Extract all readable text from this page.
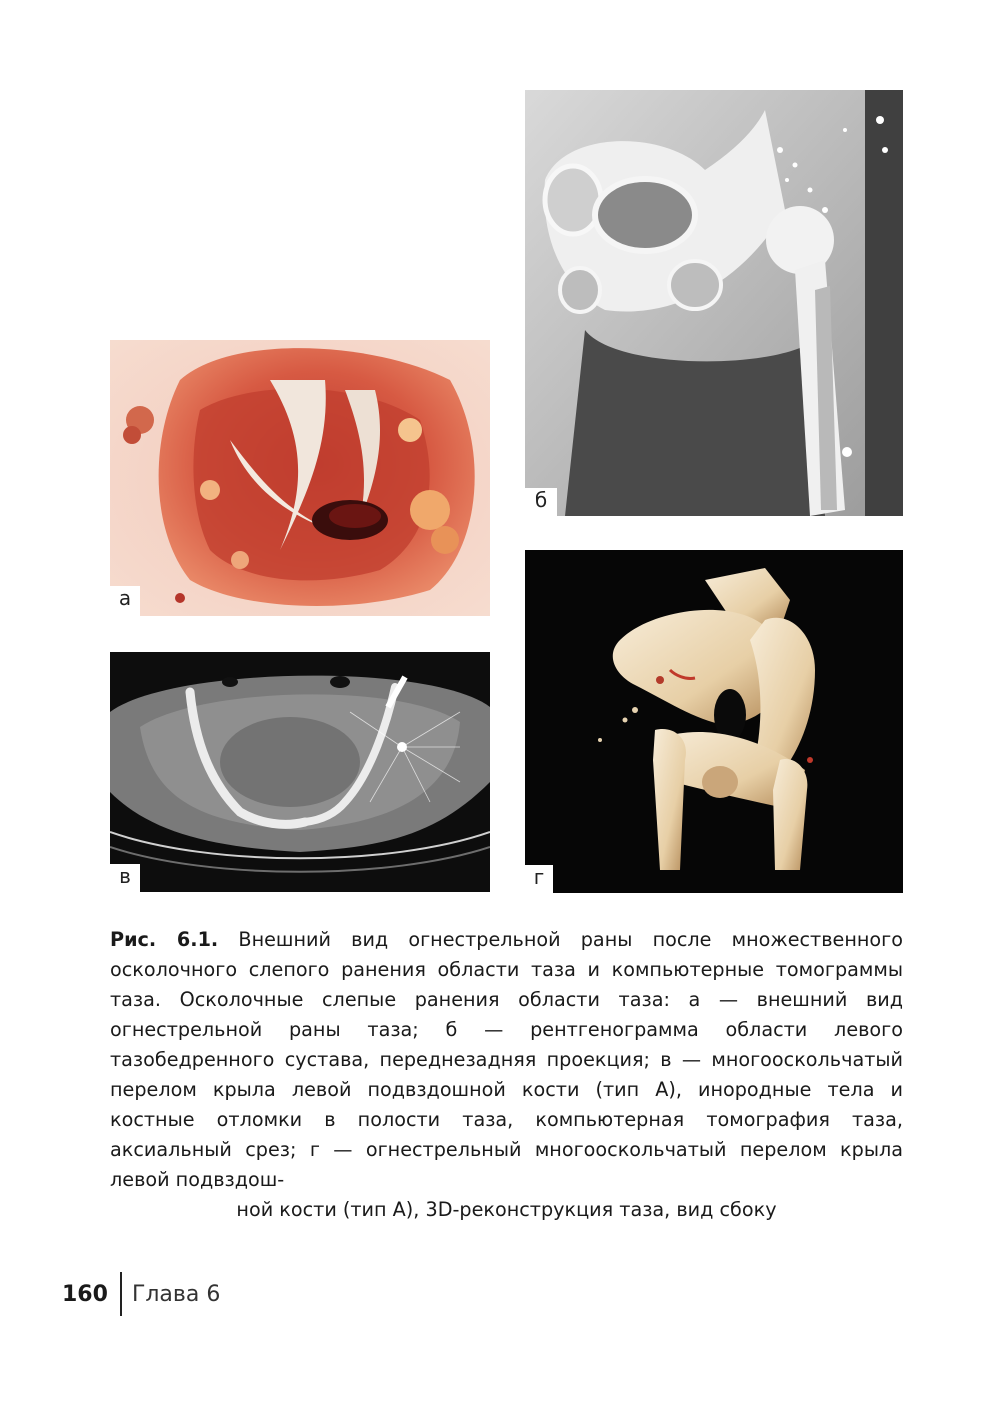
а
б
в	г

Рис. 6.1. Внешний вид огнестрельной раны после множественного осколочного слепого ранения области таза и компьютерные томограммы таза. Осколочные слепые ранения области таза: а — внешний вид огнестрельной раны таза; б — рентгенограмма области левого тазобедренного сустава, переднезадняя проекция; в — многооскольчатый перелом крыла левой подвздошной кости (тип А), инородные тела и костные отломки в полости таза, компьютерная томография таза, аксиальный срез; г — огнестрельный многооскольчатый перелом крыла левой подвздош-

ной кости (тип А), 3D-реконструкция таза, вид сбоку

160 Глава 6
